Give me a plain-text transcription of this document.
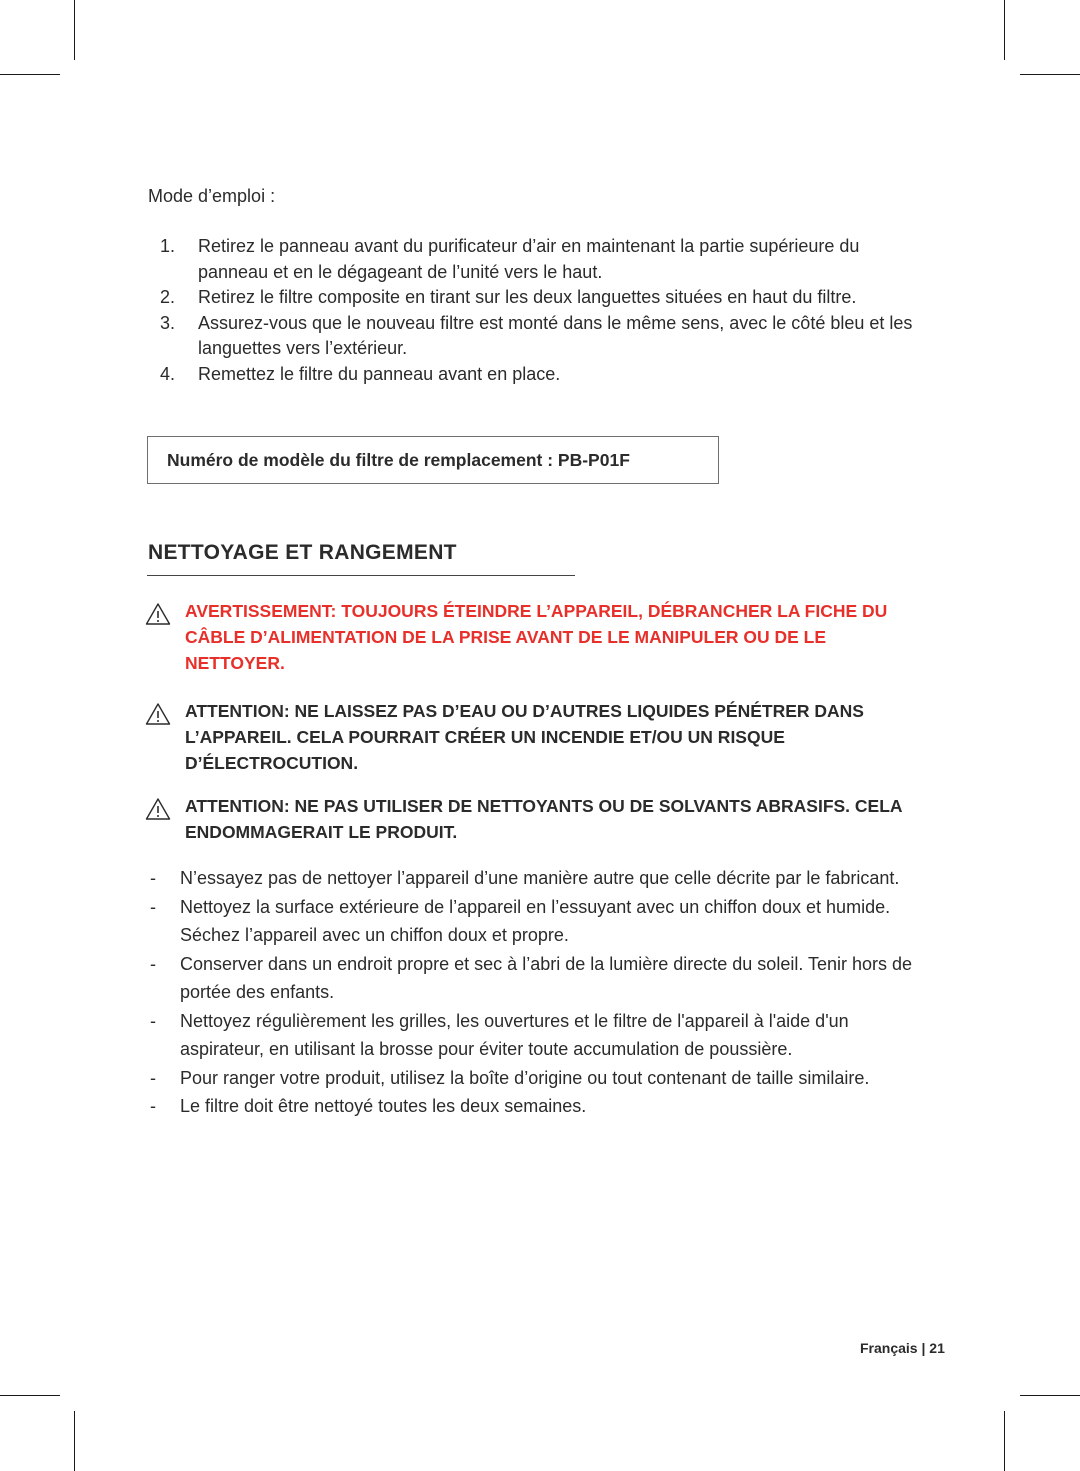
Mode d’emploi :
1.	Retirez le panneau avant du purificateur d’air en maintenant la partie supérieure du panneau et en le dégageant de l’unité vers le haut.
2.	Retirez le filtre composite en tirant sur les deux languettes situées en haut du filtre.
3.	Assurez-vous que le nouveau filtre est monté dans le même sens, avec le côté bleu et les languettes vers l’extérieur.
4.	Remettez le filtre du panneau avant en place.
Numéro de modèle du filtre de remplacement : PB-P01F
NETTOYAGE ET RANGEMENT
AVERTISSEMENT: TOUJOURS ÉTEINDRE L’APPAREIL, DÉBRANCHER LA FICHE DU CÂBLE D’ALIMENTATION DE LA PRISE AVANT DE LE MANIPULER OU DE LE NETTOYER.
ATTENTION: NE LAISSEZ PAS D’EAU OU D’AUTRES LIQUIDES PÉNÉTRER DANS L’APPAREIL. CELA POURRAIT CRÉER UN INCENDIE ET/OU UN RISQUE D’ÉLECTROCUTION.
ATTENTION: NE PAS UTILISER DE NETTOYANTS OU DE SOLVANTS ABRASIFS. CELA ENDOMMAGERAIT LE PRODUIT.
-	N’essayez pas de nettoyer l’appareil d’une manière autre que celle décrite par le fabricant.
-	Nettoyez la surface extérieure de l’appareil en l’essuyant avec un chiffon doux et humide. Séchez l’appareil avec un chiffon doux et propre.
-	Conserver dans un endroit propre et sec à l’abri de la lumière directe du soleil. Tenir hors de portée des enfants.
-	Nettoyez régulièrement les grilles, les ouvertures et le filtre de l'appareil à l'aide d'un aspirateur, en utilisant la brosse pour éviter toute accumulation de poussière.
-	Pour ranger votre produit, utilisez la boîte d’origine ou tout contenant de taille similaire.
-	Le filtre doit être nettoyé toutes les deux semaines.
Français | 21
